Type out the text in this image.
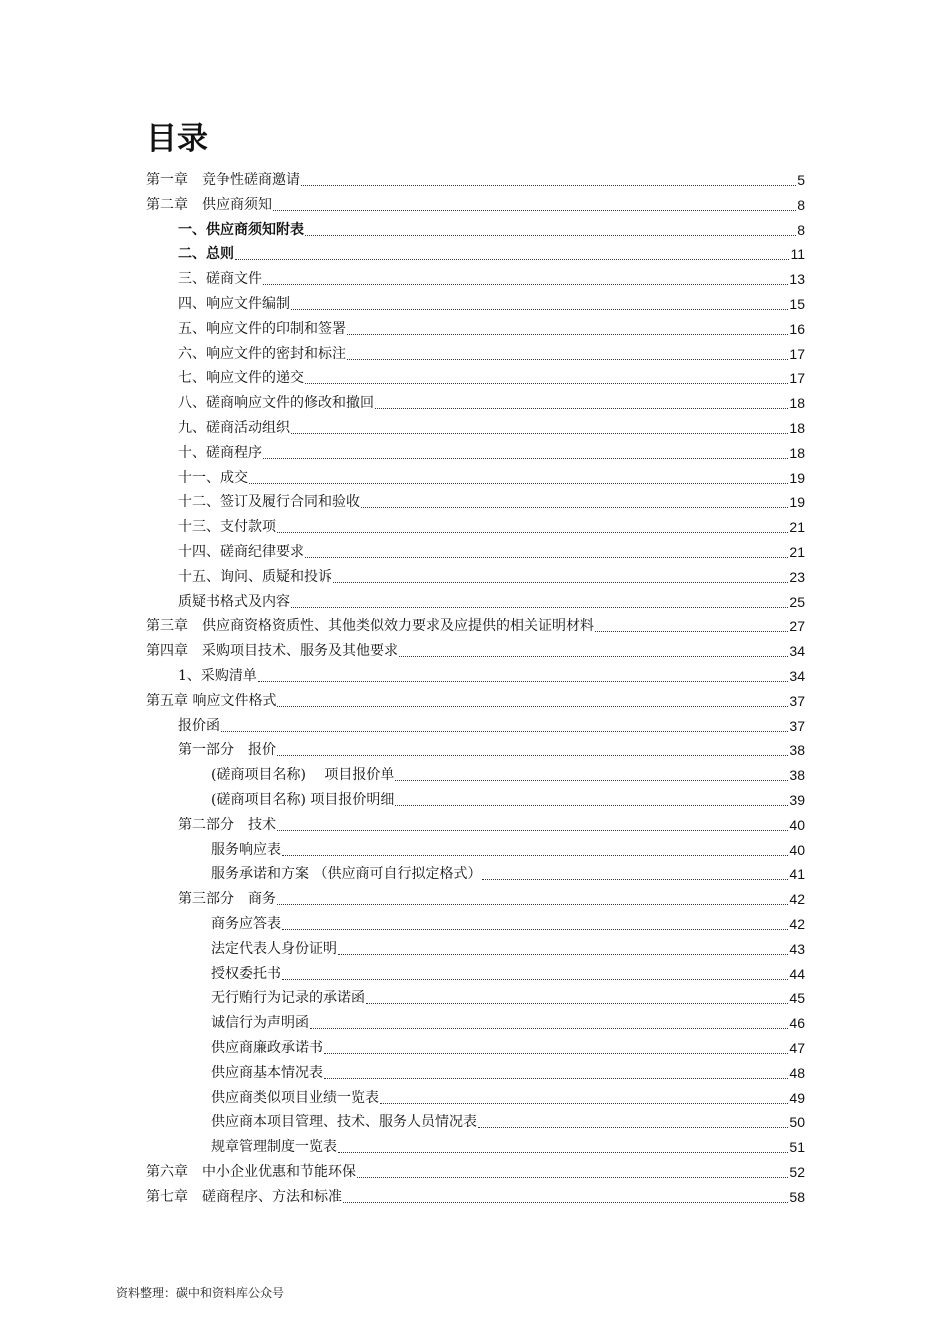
目录
第一章　竞争性磋商邀请	5
第二章　供应商须知	8
一、供应商须知附表	8
二、总则	11
三、磋商文件	13
四、响应文件编制	15
五、响应文件的印制和签署	16
六、响应文件的密封和标注	17
七、响应文件的递交	17
八、磋商响应文件的修改和撤回	18
九、磋商活动组织	18
十、磋商程序	18
十一、成交	19
十二、签订及履行合同和验收	19
十三、支付款项	21
十四、磋商纪律要求	21
十五、询问、质疑和投诉	23
质疑书格式及内容	25
第三章　供应商资格资质性、其他类似效力要求及应提供的相关证明材料	27
第四章　采购项目技术、服务及其他要求	34
1、采购清单	34
第五章 响应文件格式	37
报价函	37
第一部分　报价	38
(磋商项目名称)　 项目报价单	38
(磋商项目名称) 项目报价明细	39
第二部分　技术	40
服务响应表	40
服务承诺和方案 （供应商可自行拟定格式）	41
第三部分　商务	42
商务应答表	42
法定代表人身份证明	43
授权委托书	44
无行贿行为记录的承诺函	45
诚信行为声明函	46
供应商廉政承诺书	47
供应商基本情况表	48
供应商类似项目业绩一览表	49
供应商本项目管理、技术、服务人员情况表	50
规章管理制度一览表	51
第六章　中小企业优惠和节能环保	52
第七章　磋商程序、方法和标准	58
资料整理：碳中和资料库公众号
